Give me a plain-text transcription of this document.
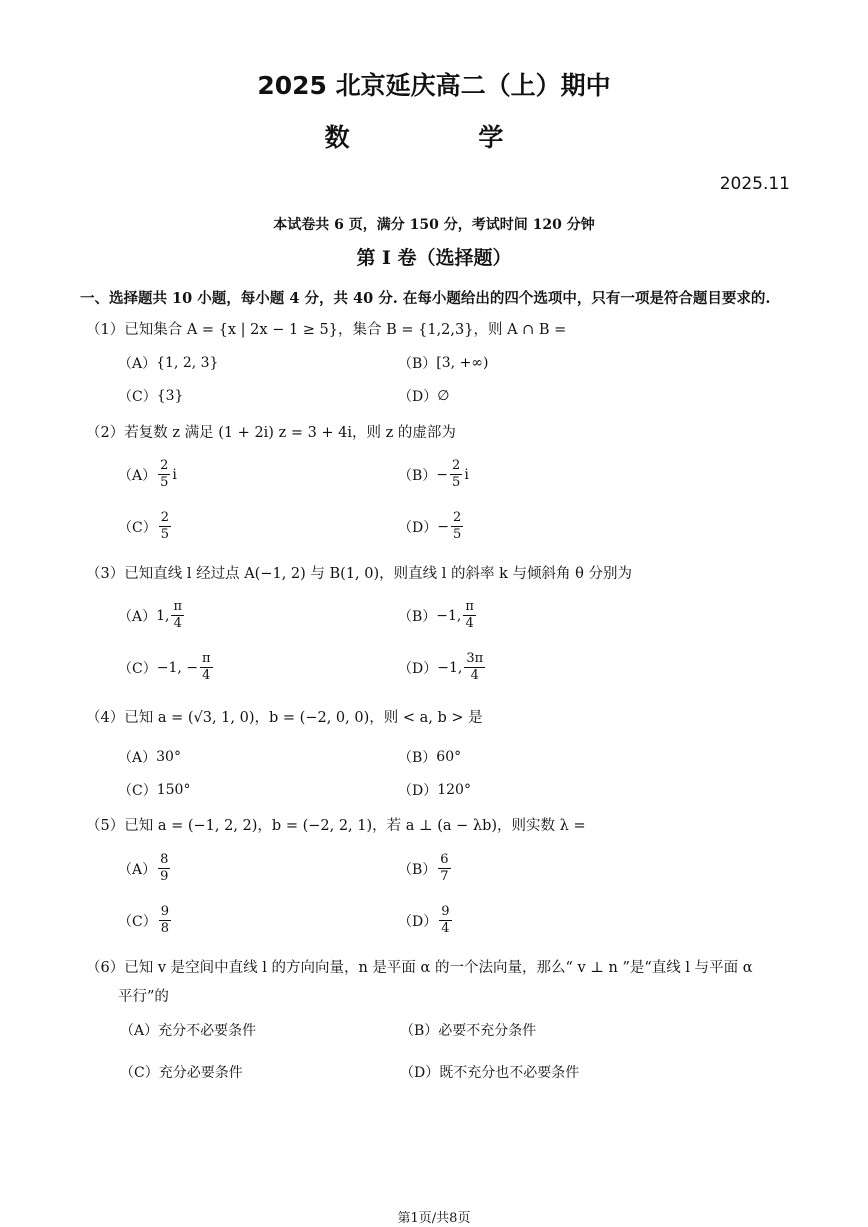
2025 北京延庆高二（上）期中
数 学
2025.11
本试卷共 6 页，满分 150 分，考试时间 120 分钟
第 I 卷（选择题）
一、选择题共 10 小题，每小题 4 分，共 40 分. 在每小题给出的四个选项中，只有一项是符合题目要求的.
（1）已知集合 A = {x | 2x − 1 ≥ 5}，集合 B = {1,2,3}，则 A ∩ B =
（A） {1, 2, 3}	（B） [3, +∞)
（C） {3}	（D） ∅
（2）若复数 z 满足 (1 + 2i) z = 3 + 4i，则 z 的虚部为
$(A) \frac{2}{5}$ i	$(B) - \frac{2}{5}$ i
$(C) \frac{2}{5}$	$(D) - \frac{2}{5}$
（3）已知直线 l 经过点 A(−1, 2) 与 B(1, 0)，则直线 l 的斜率 k 与倾斜角 θ 分别为
（A） 1, $\frac{\pi}{4}$	（B） −1, $\frac{\pi}{4}$
（C） −1, − $\frac{\pi}{4}$	（D） −1, $\frac{3\pi}{4}$
（4）已知 a = (√3, 1, 0)，b = (−2, 0, 0)，则 < a, b > 是
（A） 30°	（B） 60°
（C） 150°	（D） 120°
（5）已知 a = (−1, 2, 2)，b = (−2, 2, 1)，若 a ⊥ (a − λb)，则实数 λ =
$(A) \frac{8}{9}$	$(B) \frac{6}{7}$
$(C) \frac{9}{8}$	$(D) \frac{9}{4}$
（6）已知 v 是空间中直线 l 的方向向量，n 是平面 α 的一个法向量，那么“ v ⊥ n ”是“直线 l 与平面 α
平行”的
（A） 充分不必要条件	（B） 必要不充分条件
（C） 充分必要条件	（D） 既不充分也不必要条件
第1页/共8页
